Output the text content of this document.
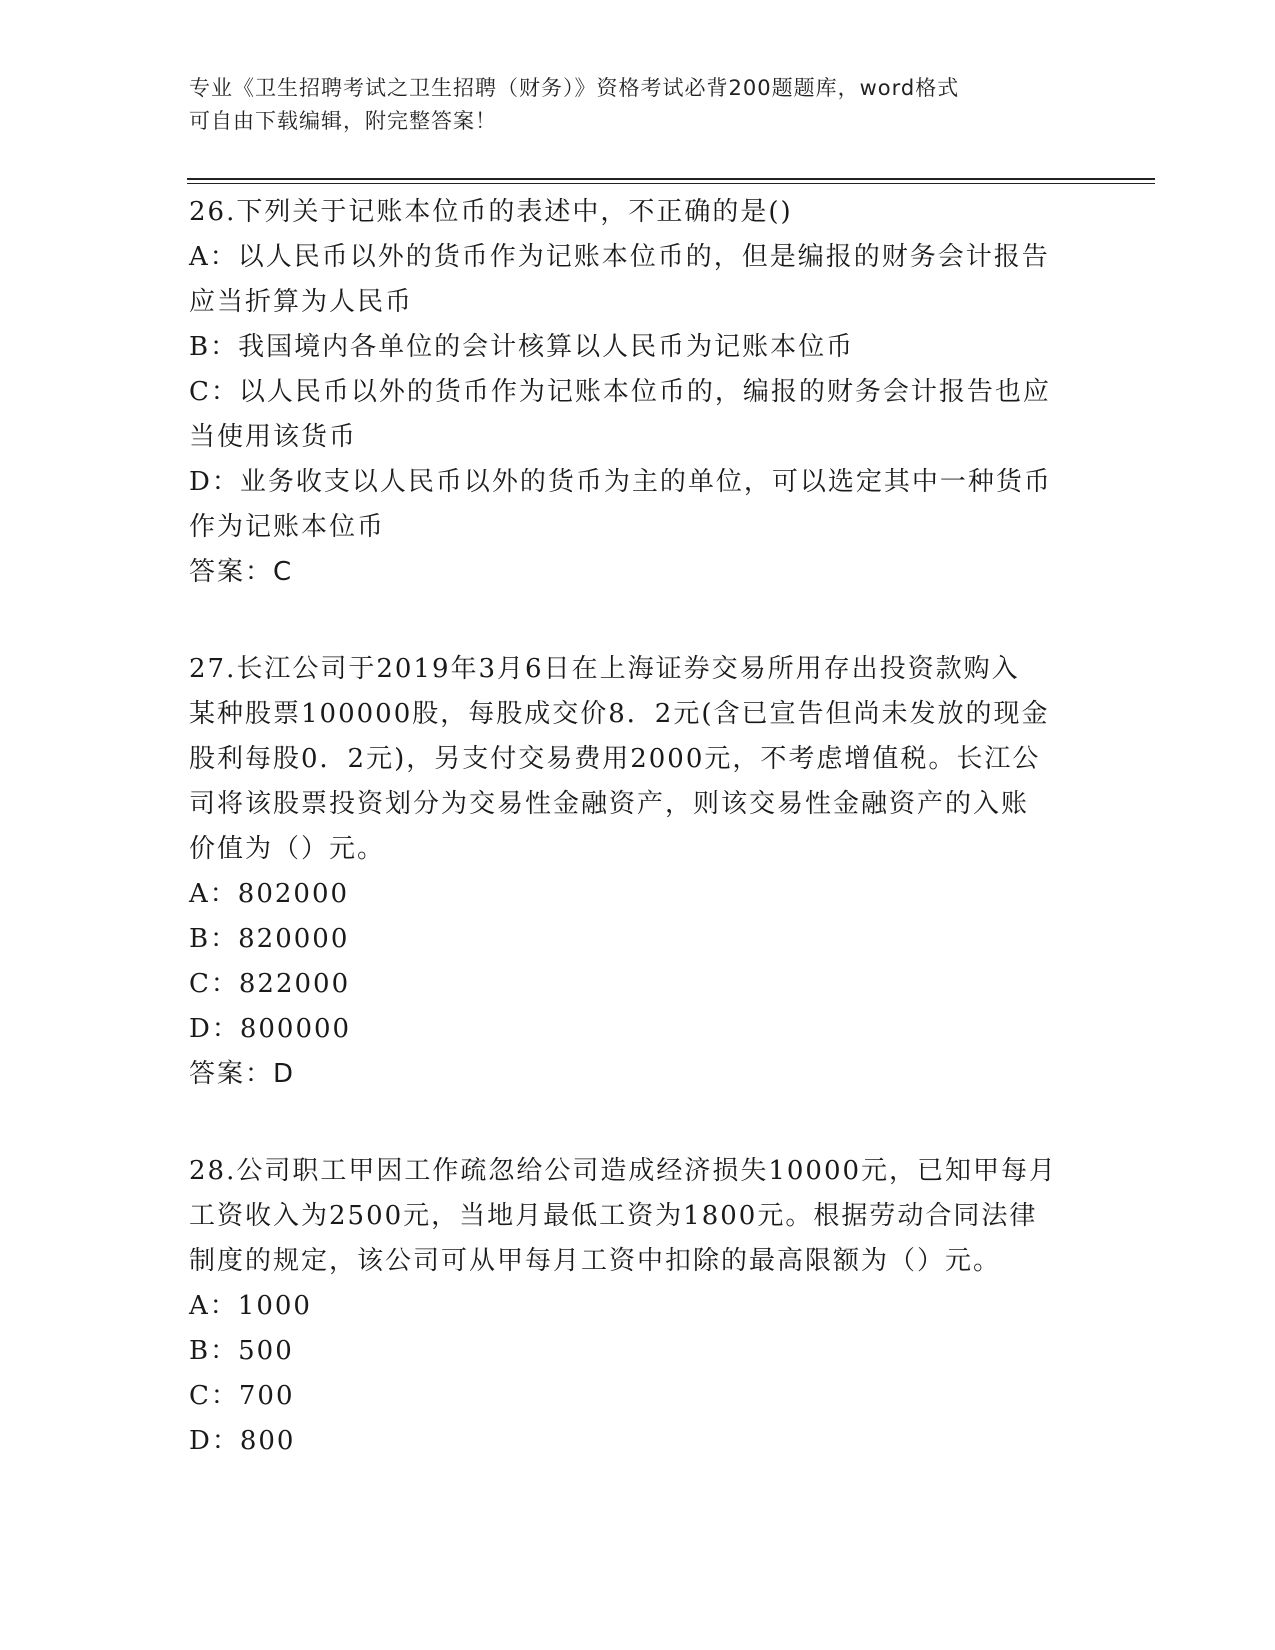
专业《卫生招聘考试之卫生招聘（财务）》资格考试必背200题题库，word格式
可自由下载编辑，附完整答案！

26.下列关于记账本位币的表述中，不正确的是()

A：以人民币以外的货币作为记账本位币的，但是编报的财务会计报告

应当折算为人民币

B：我国境内各单位的会计核算以人民币为记账本位币

C：以人民币以外的货币作为记账本位币的，编报的财务会计报告也应

当使用该货币

D：业务收支以人民币以外的货币为主的单位，可以选定其中一种货币

作为记账本位币

答案：C

27.长江公司于2019年3月6日在上海证券交易所用存出投资款购入

某种股票100000股，每股成交价8．2元(含已宣告但尚未发放的现金

股利每股0．2元)，另支付交易费用2000元，不考虑增值税。长江公

司将该股票投资划分为交易性金融资产，则该交易性金融资产的入账

价值为（）元。

A：802000

B：820000

C：822000

D：800000

答案：D

28.公司职工甲因工作疏忽给公司造成经济损失10000元，已知甲每月

工资收入为2500元，当地月最低工资为1800元。根据劳动合同法律

制度的规定，该公司可从甲每月工资中扣除的最高限额为（）元。

A：1000

B：500

C：700

D：800
